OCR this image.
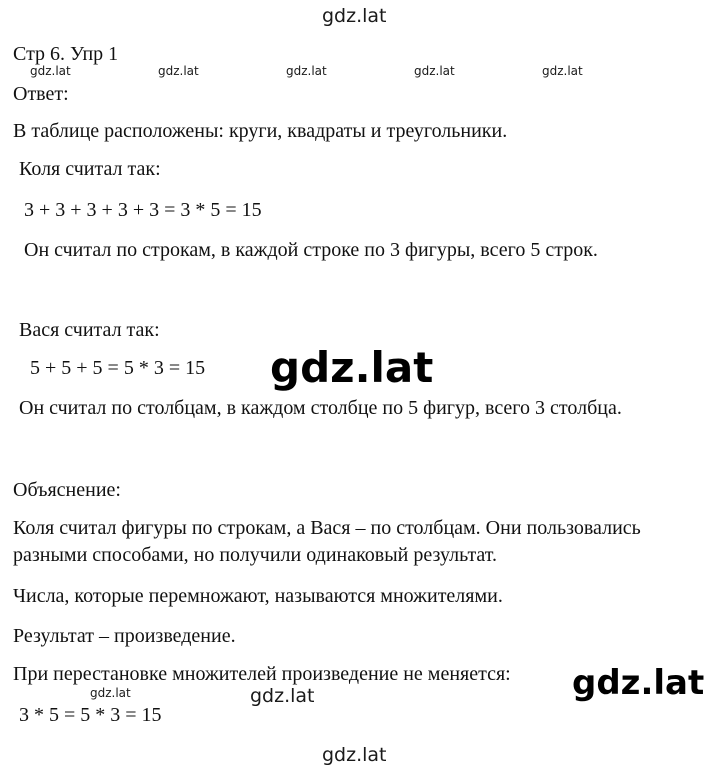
gdz.lat
gdz.lat	gdz.lat	gdz.lat	gdz.lat	gdz.lat
Стр 6. Упр 1
Ответ:
В таблице расположены: круги, квадраты и треугольники.
Коля считал так:
3 + 3 + 3 + 3 + 3 = 3 * 5 = 15
Он считал по строкам, в каждой строке по 3 фигуры, всего 5 строк.
Вася считал так:
5 + 5 + 5 = 5 * 3 = 15 gdz.lat
Он считал по столбцам, в каждом столбце по 5 фигур, всего 3 столбца.
Объяснение:
Коля считал фигуры по строкам, а Вася – по столбцам. Они пользовались
разными способами, но получили одинаковый результат.
Числа, которые перемножают, называются множителями.
Результат – произведение.
При перестановке множителей произведение не меняется: gdz.lat
gdz.lat	gdz.lat
3 * 5 = 5 * 3 = 15
gdz.lat
